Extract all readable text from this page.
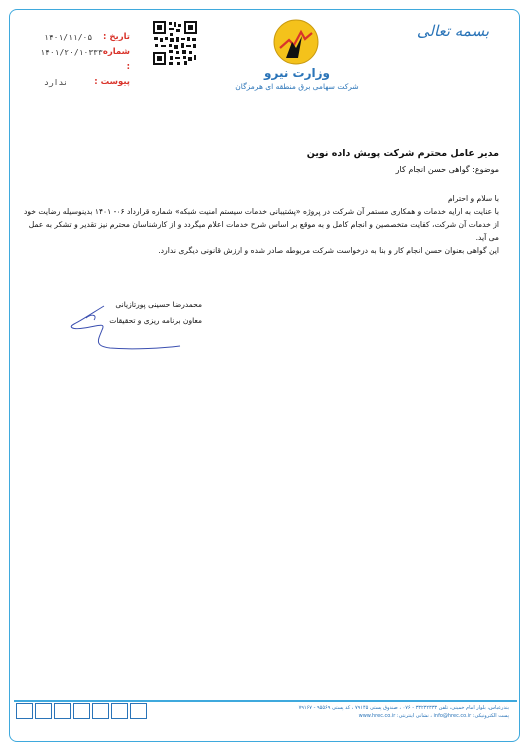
بسمه تعالی
تاریخ :
۱۴۰۱/۱۱/۰۵
شماره :
۱۴۰۱/۲۰/۱۰۳۳۳
پیوست :
ندارد
وزارت نیرو
شرکت سهامی برق منطقه ای هرمزگان

مدیر عامل محترم شرکت پویش داده نوین

موضوع: گواهی حسن انجام کار

با سلام و احترام

با عنایت به ارایه خدمات و همکاری مستمر آن شرکت در پروژه «پشتیبانی خدمات سیستم امنیت شبکه» شماره قرارداد ۰۶- ۱۴۰۱ بدینوسیله رضایت خود از خدمات آن شرکت، کفایت متخصصین و انجام کامل و به موقع بر اساس شرح خدمات اعلام میگردد و از کارشناسان محترم نیز تقدیر و تشکر به عمل می آید.

این گواهی بعنوان حسن انجام کار و بنا به درخواست شرکت مربوطه صادر شده و ارزش قانونی دیگری ندارد.

محمدرضا حسینی پورتازیانی
معاون برنامه ریزی و تحقیقات
بندرعباس، بلوار امام خمینی، تلفن ۳۳۲۳۲۳۳۳ - ۰۷۶ ، صندوق پستی ۷۹۱۴۵ ، کد پستی ۹۵۵۶۹ - ۷۹۱۶۷
پست الکترونیکی: info@hrec.co.ir ، نشانی اینترنتی: www.hrec.co.ir
